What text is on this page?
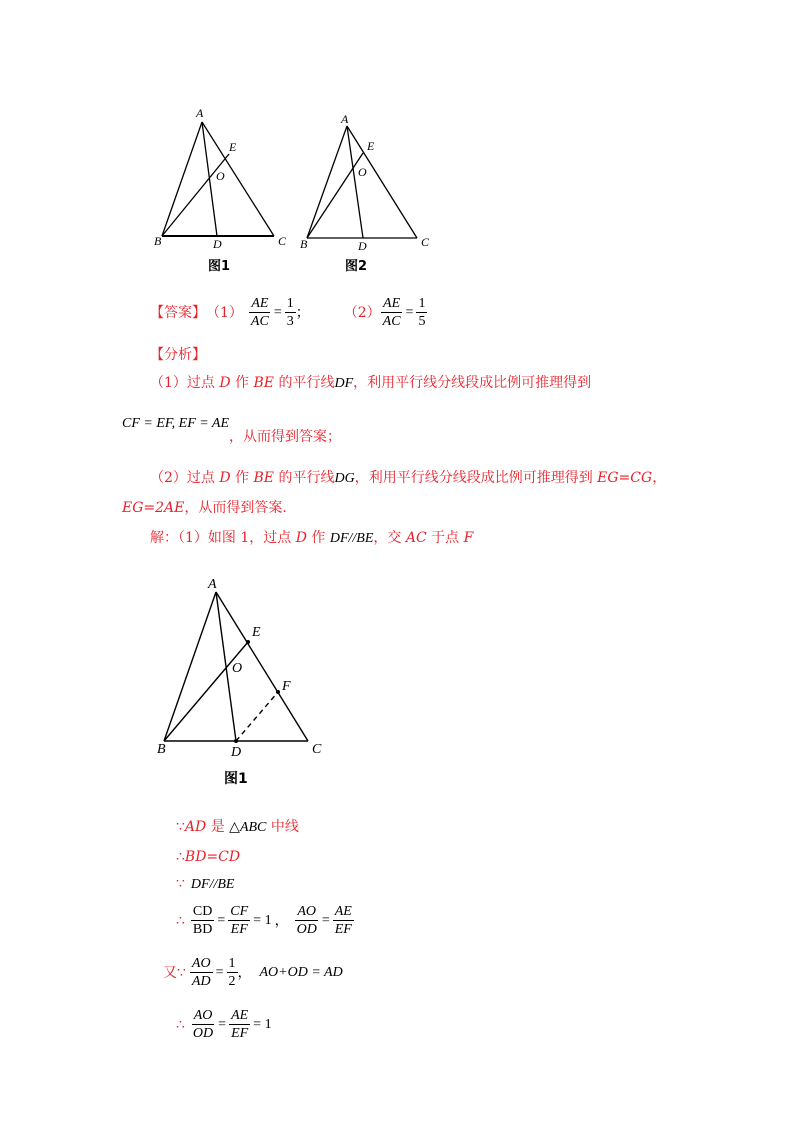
A
E
O
B	D	C
图1
A
E
O
B	D	C
图2
【答案】 $(1) \frac{AE}{AC} = \frac{1}{3}$ ； $(2) \frac{AE}{AC} = \frac{1}{5}$
【分析】
（1）过点 D 作 BE 的平行线DF，利用平行线分线段成比例可推理得到
CF = EF, EF = AE，从而得到答案；
（2）过点 D 作 BE 的平行线DG，利用平行线分线段成比例可推理得到 EG=CG，
EG=2AE，从而得到答案.
解：（1）如图 1，过点 D 作 DF//BE，交 AC 于点 F
A
E
O
F
B	D	C
图1
∵AD 是 △ABC 中线
∴BD=CD
∵ DF//BE
∴ $\frac{CD}{BD} = \frac{CF}{EF} = 1$ ， $\frac{AO}{OD} = \frac{AE}{EF}$
又 ∵ $\frac{AO}{AD} = \frac{1}{2}$ ， AO+OD = AD
∴ $\frac{AO}{OD} = \frac{AE}{EF} = 1$
